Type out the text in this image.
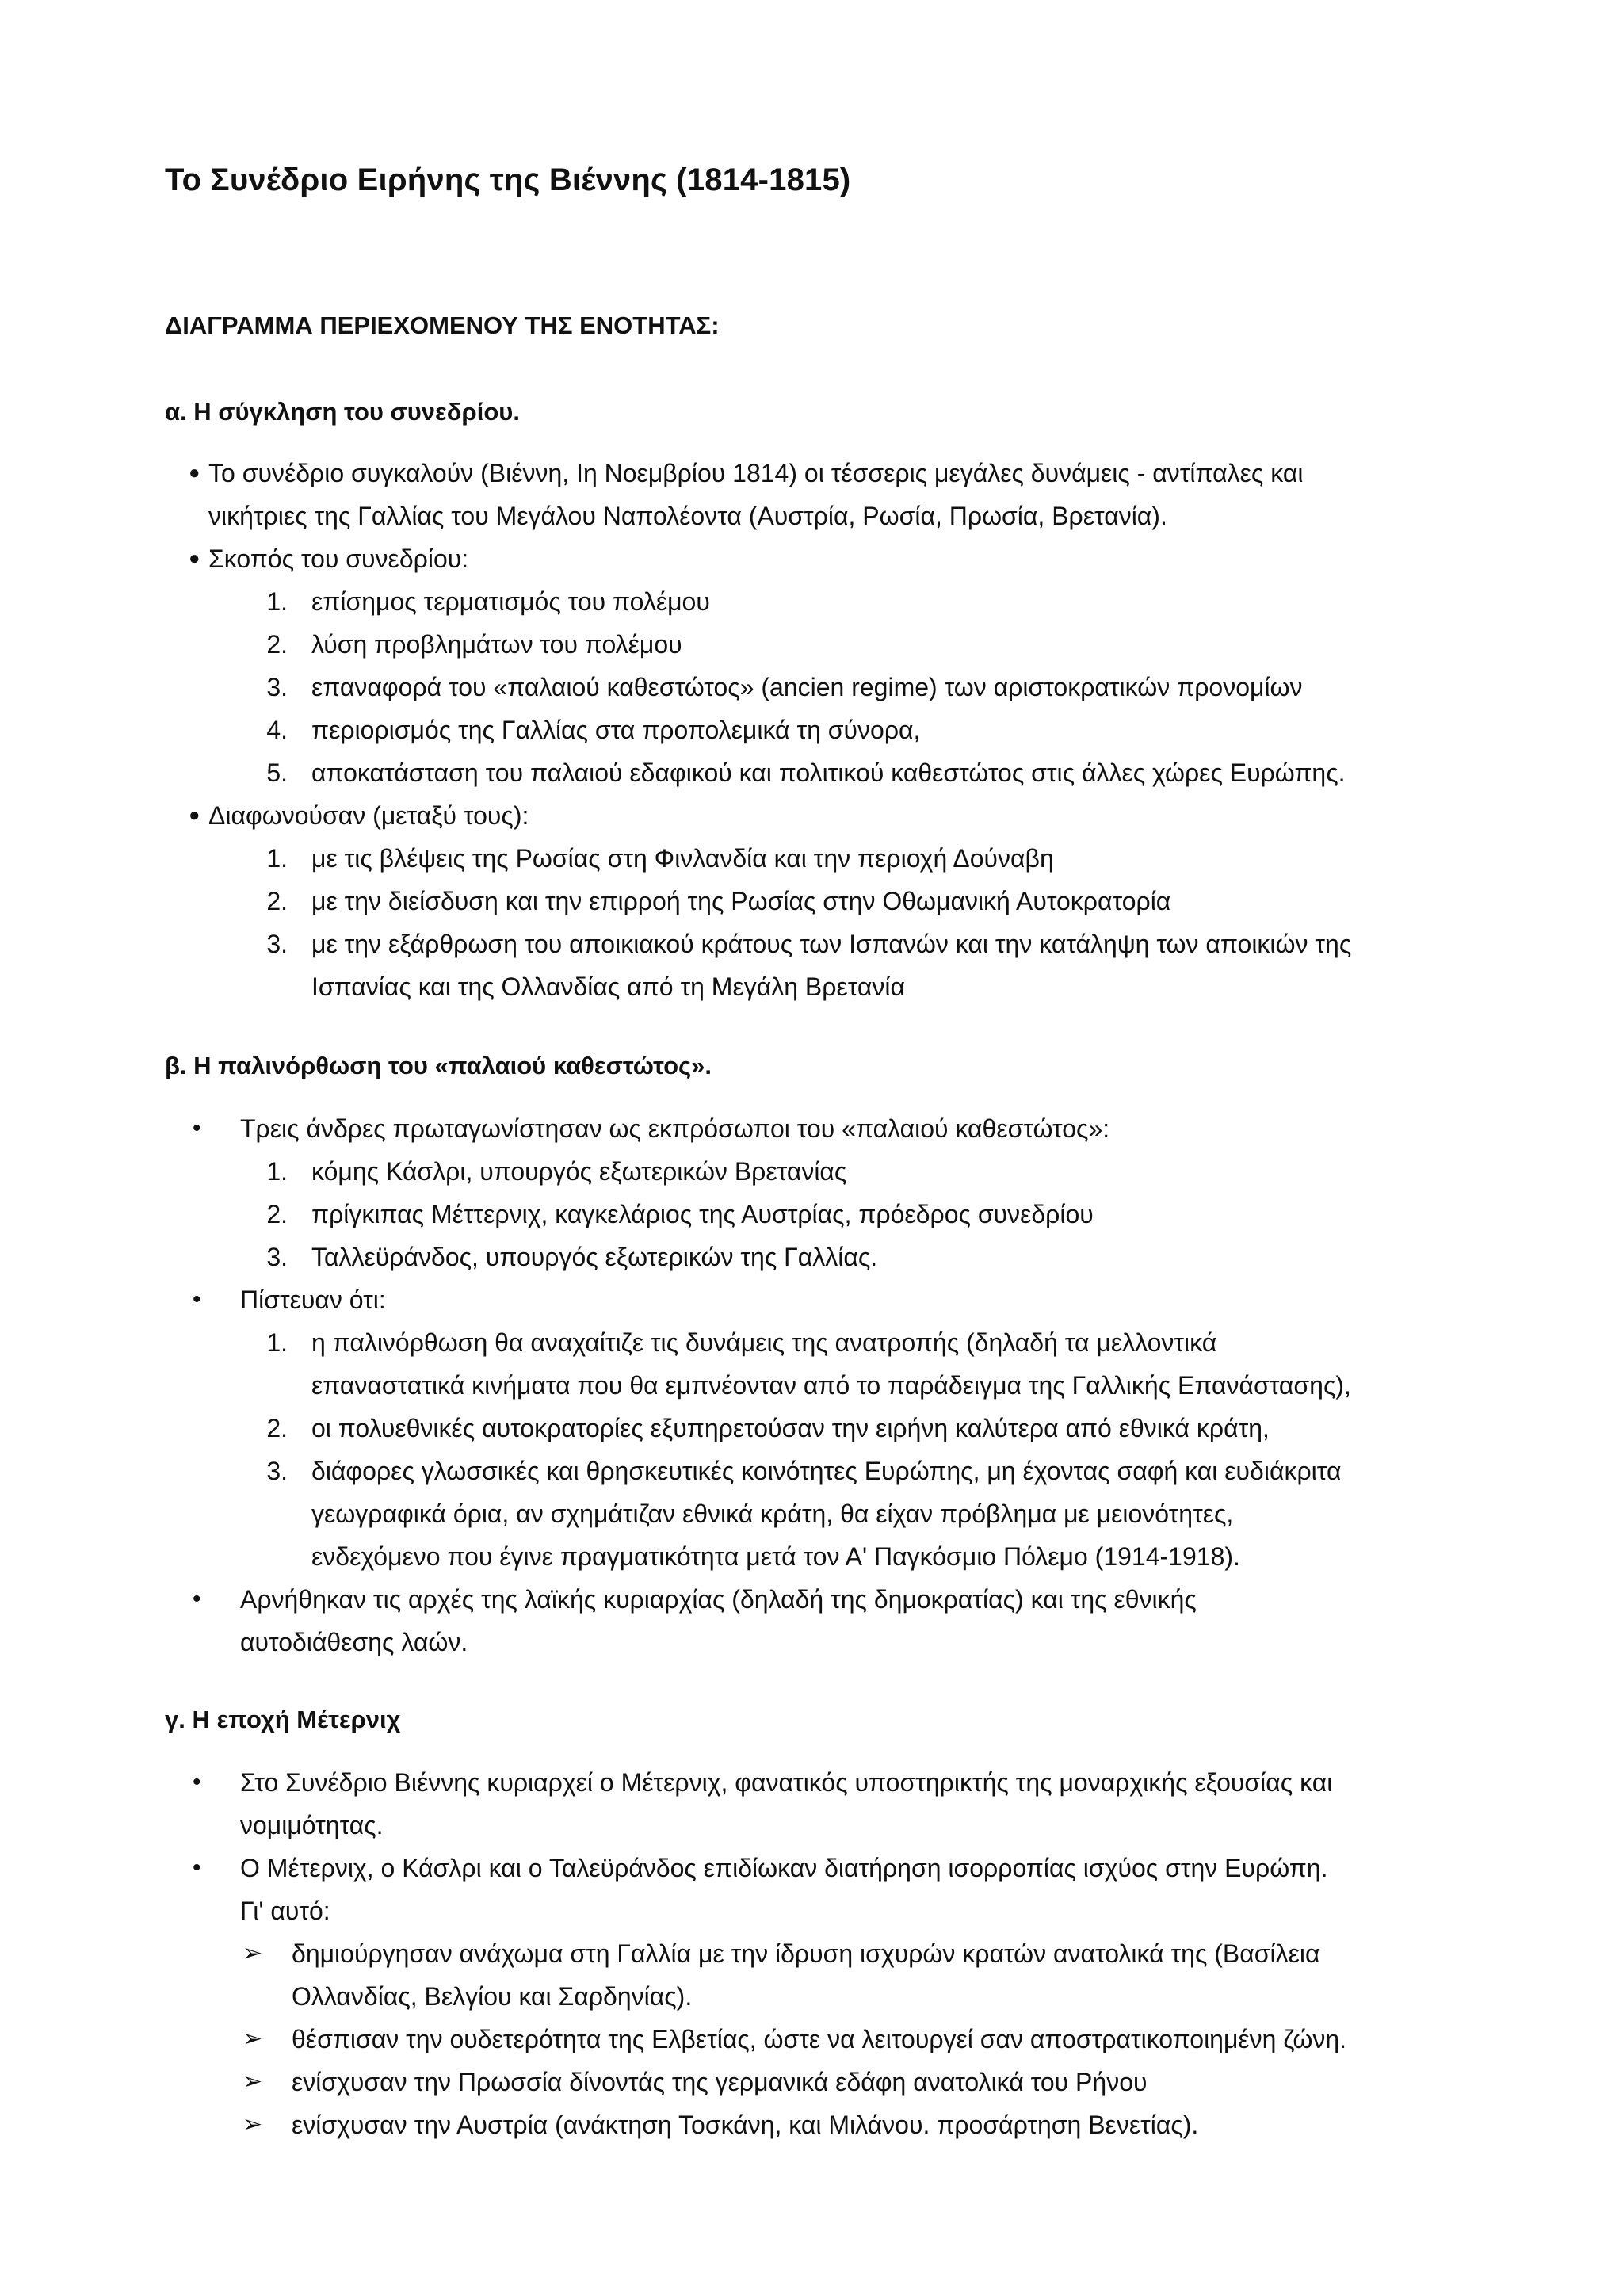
Το Συνέδριο Ειρήνης της Βιέννης (1814-1815)
ΔΙΑΓΡΑΜΜΑ ΠΕΡΙΕΧΟΜΕΝΟΥ ΤΗΣ ΕΝΟΤΗΤΑΣ:
α. Η σύγκληση του συνεδρίου.
● Το συνέδριο συγκαλούν (Βιέννη, Ιη Νοεμβρίου 1814) οι τέσσερις μεγάλες δυνάμεις - αντίπαλες και
νικήτριες της Γαλλίας του Μεγάλου Ναπολέοντα (Αυστρία, Ρωσία, Πρωσία, Βρετανία).
● Σκοπός του συνεδρίου:
1. επίσημος τερματισμός του πολέμου
2. λύση προβλημάτων του πολέμου
3. επαναφορά του «παλαιού καθεστώτος» (ancien regime) των αριστοκρατικών προνομίων
4. περιορισμός της Γαλλίας στα προπολεμικά τη σύνορα,
5. αποκατάσταση του παλαιού εδαφικού και πολιτικού καθεστώτος στις άλλες χώρες Ευρώπης.
● Διαφωνούσαν (μεταξύ τους):
1. με τις βλέψεις της Ρωσίας στη Φινλανδία και την περιοχή Δούναβη
2. με την διείσδυση και την επιρροή της Ρωσίας στην Οθωμανική Αυτοκρατορία
3. με την εξάρθρωση του αποικιακού κράτους των Ισπανών και την κατάληψη των αποικιών της
Ισπανίας και της Ολλανδίας από τη Μεγάλη Βρετανία
β. Η παλινόρθωση του «παλαιού καθεστώτος».
• Τρεις άνδρες πρωταγωνίστησαν ως εκπρόσωποι του «παλαιού καθεστώτος»:
1. κόμης Κάσλρι, υπουργός εξωτερικών Βρετανίας
2. πρίγκιπας Μέττερνιχ, καγκελάριος της Αυστρίας, πρόεδρος συνεδρίου
3. Ταλλεϋράνδος, υπουργός εξωτερικών της Γαλλίας.
• Πίστευαν ότι:
1. η παλινόρθωση θα αναχαίτιζε τις δυνάμεις της ανατροπής (δηλαδή τα μελλοντικά
επαναστατικά κινήματα που θα εμπνέονταν από το παράδειγμα της Γαλλικής Επανάστασης),
2. οι πολυεθνικές αυτοκρατορίες εξυπηρετούσαν την ειρήνη καλύτερα από εθνικά κράτη,
3. διάφορες γλωσσικές και θρησκευτικές κοινότητες Ευρώπης, μη έχοντας σαφή και ευδιάκριτα
γεωγραφικά όρια, αν σχημάτιζαν εθνικά κράτη, θα είχαν πρόβλημα με μειονότητες,
ενδεχόμενο που έγινε πραγματικότητα μετά τον Α' Παγκόσμιο Πόλεμο (1914-1918).
• Αρνήθηκαν τις αρχές της λαϊκής κυριαρχίας (δηλαδή της δημοκρατίας) και της εθνικής
αυτοδιάθεσης λαών.
γ. Η εποχή Μέτερνιχ
• Στο Συνέδριο Βιέννης κυριαρχεί ο Μέτερνιχ, φανατικός υποστηρικτής της μοναρχικής εξουσίας και
νομιμότητας.
• Ο Μέτερνιχ, ο Κάσλρι και ο Ταλεϋράνδος επιδίωκαν διατήρηση ισορροπίας ισχύος στην Ευρώπη.
Γι' αυτό:
➢ δημιούργησαν ανάχωμα στη Γαλλία με την ίδρυση ισχυρών κρατών ανατολικά της (Βασίλεια
Ολλανδίας, Βελγίου και Σαρδηνίας).
➢ θέσπισαν την ουδετερότητα της Ελβετίας, ώστε να λειτουργεί σαν αποστρατικοποιημένη ζώνη.
➢ ενίσχυσαν την Πρωσσία δίνοντάς της γερμανικά εδάφη ανατολικά του Ρήνου
➢ ενίσχυσαν την Αυστρία (ανάκτηση Τοσκάνη, και Μιλάνου. προσάρτηση Βενετίας).
